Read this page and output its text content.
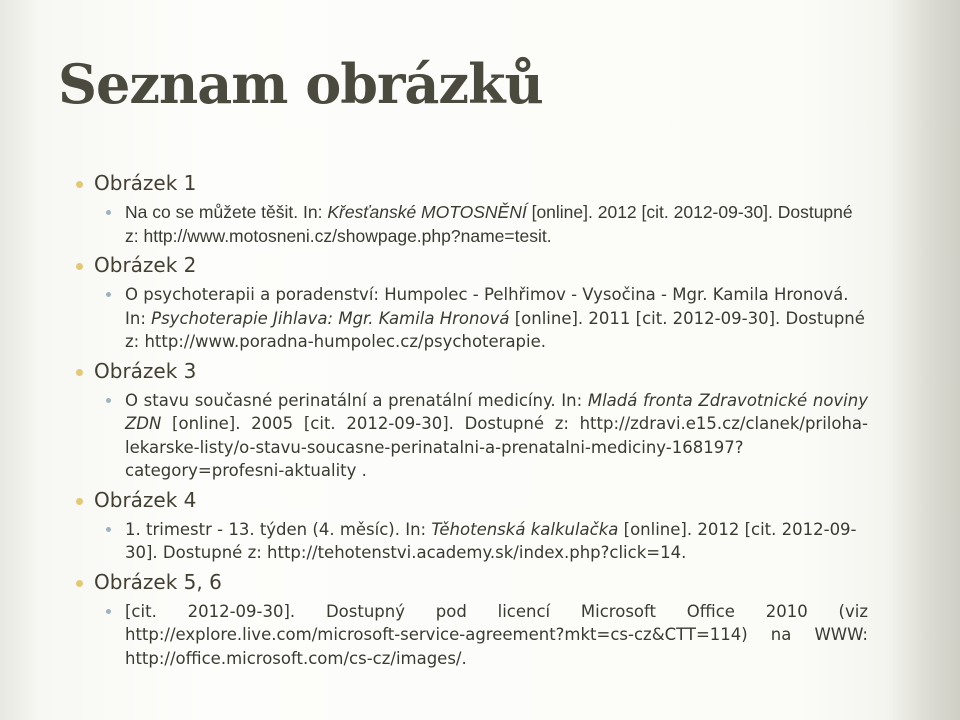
Seznam obrázků
Obrázek 1
Na co se můžete těšit. In: Křesťanské MOTOSNĚNÍ [online]. 2012 [cit. 2012-09-30]. Dostupné z: http://www.motosneni.cz/showpage.php?name=tesit.
Obrázek 2
O psychoterapii a poradenství: Humpolec - Pelhřimov - Vysočina - Mgr. Kamila Hronová. In: Psychoterapie Jihlava: Mgr. Kamila Hronová [online]. 2011 [cit. 2012-09-30]. Dostupné z: http://www.poradna-humpolec.cz/psychoterapie.
Obrázek 3
O stavu současné perinatální a prenatální medicíny. In: Mladá fronta Zdravotnické noviny ZDN [online]. 2005 [cit. 2012-09-30]. Dostupné z: http://zdravi.e15.cz/clanek/priloha-lekarske-listy/o-stavu-soucasne-perinatalni-a-prenatalni-mediciny-168197?category=profesni-aktuality .
Obrázek 4
1. trimestr - 13. týden (4. měsíc). In: Těhotenská kalkulačka [online]. 2012 [cit. 2012-09-30]. Dostupné z: http://tehotenstvi.academy.sk/index.php?click=14.
Obrázek 5, 6
[cit. 2012-09-30]. Dostupný pod licencí Microsoft Office 2010 (viz http://explore.live.com/microsoft-service-agreement?mkt=cs-cz&CTT=114) na WWW: http://office.microsoft.com/cs-cz/images/.
